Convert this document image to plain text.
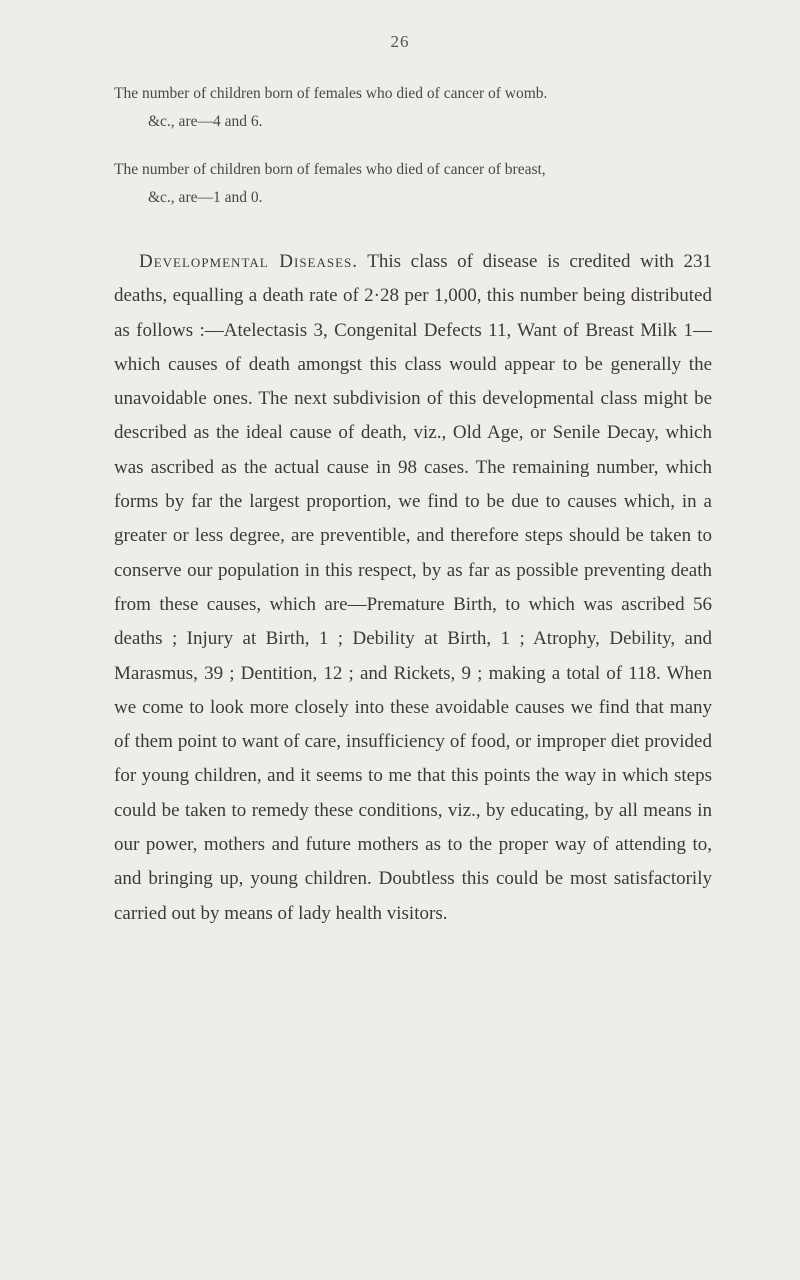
26
The number of children born of females who died of cancer of womb.
&c., are—4 and 6.
The number of children born of females who died of cancer of breast,
&c., are—1 and 0.

Developmental Diseases. This class of disease is credited with 231 deaths, equalling a death rate of 2·28 per 1,000, this number being distributed as follows :—Atelectasis 3, Congenital Defects 11, Want of Breast Milk 1—which causes of death amongst this class would appear to be generally the unavoidable ones. The next subdivision of this developmental class might be described as the ideal cause of death, viz., Old Age, or Senile Decay, which was ascribed as the actual cause in 98 cases. The remaining number, which forms by far the largest proportion, we find to be due to causes which, in a greater or less degree, are preventible, and therefore steps should be taken to conserve our population in this respect, by as far as possible preventing death from these causes, which are—Premature Birth, to which was ascribed 56 deaths ; Injury at Birth, 1 ; Debility at Birth, 1 ; Atrophy, Debility, and Marasmus, 39 ; Dentition, 12 ; and Rickets, 9 ; making a total of 118. When we come to look more closely into these avoidable causes we find that many of them point to want of care, insufficiency of food, or improper diet provided for young children, and it seems to me that this points the way in which steps could be taken to remedy these conditions, viz., by educating, by all means in our power, mothers and future mothers as to the proper way of attending to, and bringing up, young children. Doubtless this could be most satisfactorily carried out by means of lady health visitors.
